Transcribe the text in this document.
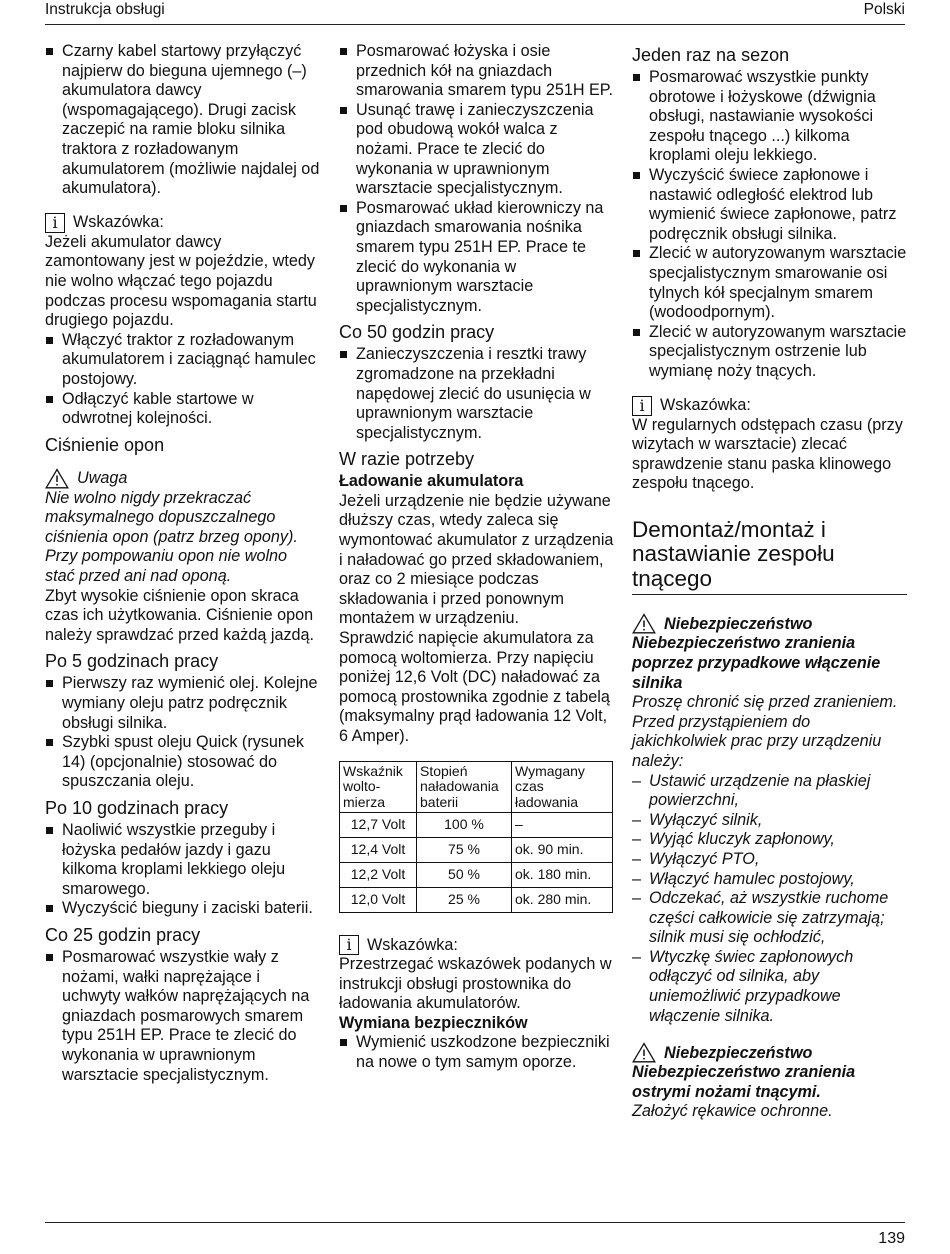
Instrukcja obsługi	Polski
Czarny kabel startowy przyłączyć najpierw do bieguna ujemnego (–) akumulatora dawcy (wspomagającego). Drugi zacisk zaczepić na ramie bloku silnika traktora z rozładowanym akumulatorem (możliwie najdalej od akumulatora).
i Wskazówka:

Jeżeli akumulator dawcy zamontowany jest w pojeździe, wtedy nie wolno włączać tego pojazdu podczas procesu wspomagania startu drugiego pojazdu.

Włączyć traktor z rozładowanym akumulatorem i zaciągnąć hamulec postojowy.
Odłączyć kable startowe w odwrotnej kolejności.
Ciśnienie opon
Uwaga

Nie wolno nigdy przekraczać maksymalnego dopuszczalnego ciśnienia opon (patrz brzeg opony). Przy pompowaniu opon nie wolno stać przed ani nad oponą.

Zbyt wysokie ciśnienie opon skraca czas ich użytkowania. Ciśnienie opon należy sprawdzać przed każdą jazdą.

Po 5 godzinach pracy
Pierwszy raz wymienić olej. Kolejne wymiany oleju patrz podręcznik obsługi silnika.
Szybki spust oleju Quick (rysunek 14) (opcjonalnie) stosować do spuszczania oleju.
Po 10 godzinach pracy
Naoliwić wszystkie przeguby i łożyska pedałów jazdy i gazu kilkoma kroplami lekkiego oleju smarowego.
Wyczyścić bieguny i zaciski baterii.
Co 25 godzin pracy
Posmarować wszystkie wały z nożami, wałki naprężające i uchwyty wałków naprężających na gniazdach posmarowych smarem typu 251H EP. Prace te zlecić do wykonania w uprawnionym warsztacie specjalistycznym.
Posmarować łożyska i osie przednich kół na gniazdach smarowania smarem typu 251H EP.
Usunąć trawę i zanieczyszczenia pod obudową wokół walca z nożami. Prace te zlecić do wykonania w uprawnionym warsztacie specjalistycznym.
Posmarować układ kierowniczy na gniazdach smarowania nośnika smarem typu 251H EP. Prace te zlecić do wykonania w uprawnionym warsztacie specjalistycznym.
Co 50 godzin pracy
Zanieczyszczenia i resztki trawy zgromadzone na przekładni napędowej zlecić do usunięcia w uprawnionym warsztacie specjalistycznym.
W razie potrzeby

Ładowanie akumulatora

Jeżeli urządzenie nie będzie używane dłuższy czas, wtedy zaleca się wymontować akumulator z urządzenia i naładować go przed składowaniem, oraz co 2 miesiące podczas składowania i przed ponownym montażem w urządzeniu.

Sprawdzić napięcie akumulatora za pomocą woltomierza. Przy napięciu poniżej 12,6 Volt (DC) naładować za pomocą prostownika zgodnie z tabelą (maksymalny prąd ładowania 12 Volt, 6 Amper).

Wskaźnik wolto-mierza	Stopień naładowania baterii	Wymagany czas ładowania
12,7 Volt	100 %	–
12,4 Volt	75 %	ok. 90 min.
12,2 Volt	50 %	ok. 180 min.
12,0 Volt	25 %	ok. 280 min.
i Wskazówka:

Przestrzegać wskazówek podanych w instrukcji obsługi prostownika do ładowania akumulatorów.

Wymiana bezpieczników

Wymienić uszkodzone bezpieczniki na nowe o tym samym oporze.
Jeden raz na sezon
Posmarować wszystkie punkty obrotowe i łożyskowe (dźwignia obsługi, nastawianie wysokości zespołu tnącego ...) kilkoma kroplami oleju lekkiego.
Wyczyścić świece zapłonowe i nastawić odległość elektrod lub wymienić świece zapłonowe, patrz podręcznik obsługi silnika.
Zlecić w autoryzowanym warsztacie specjalistycznym smarowanie osi tylnych kół specjalnym smarem (wodoodpornym).
Zlecić w autoryzowanym warsztacie specjalistycznym ostrzenie lub wymianę noży tnących.
i Wskazówka:

W regularnych odstępach czasu (przy wizytach w warsztacie) zlecać sprawdzenie stanu paska klinowego zespołu tnącego.

Demontaż/montaż i nastawianie zespołu tnącego
Niebezpieczeństwo

Niebezpieczeństwo zranienia poprzez przypadkowe włączenie silnika

Proszę chronić się przed zranieniem. Przed przystąpieniem do jakichkolwiek prac przy urządzeniu należy:

– Ustawić urządzenie na płaskiej powierzchni,
– Wyłączyć silnik,
– Wyjąć kluczyk zapłonowy,
– Wyłączyć PTO,
– Włączyć hamulec postojowy,
– Odczekać, aż wszystkie ruchome części całkowicie się zatrzymają; silnik musi się ochłodzić,
– Wtyczkę świec zapłonowych odłączyć od silnika, aby uniemożliwić przypadkowe włączenie silnika.
Niebezpieczeństwo

Niebezpieczeństwo zranienia ostrymi nożami tnącymi.

Założyć rękawice ochronne.

139
